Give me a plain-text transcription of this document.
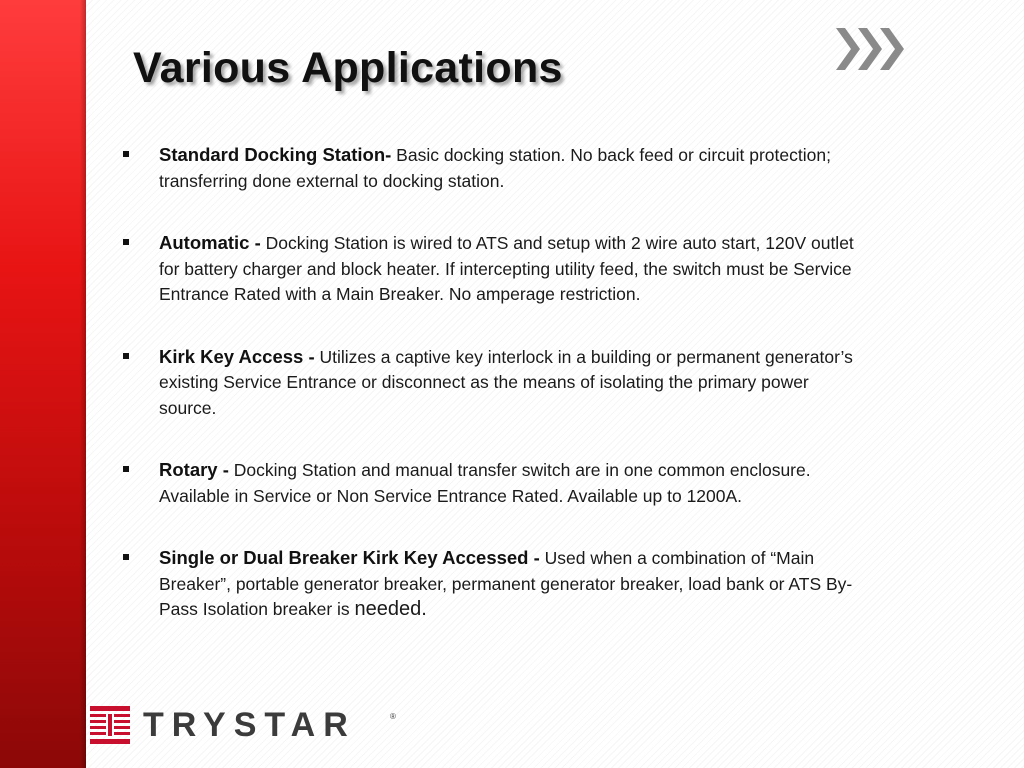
Various Applications
Standard Docking Station- Basic docking station. No back feed or circuit protection; transferring done external to docking station.
Automatic - Docking Station is wired to ATS and setup with 2 wire auto start, 120V outlet for battery charger and block heater. If intercepting utility feed, the switch must be Service Entrance Rated with a Main Breaker. No amperage restriction.
Kirk Key Access - Utilizes a captive key interlock in a building or permanent generator’s existing Service Entrance or disconnect as the means of isolating the primary power source.
Rotary - Docking Station and manual transfer switch are in one common enclosure. Available in Service or Non Service Entrance Rated. Available up to 1200A.
Single or Dual Breaker Kirk Key Accessed - Used when a combination of “Main Breaker”, portable generator breaker, permanent generator breaker, load bank or ATS By-Pass Isolation breaker is needed.
TRYSTAR	®
